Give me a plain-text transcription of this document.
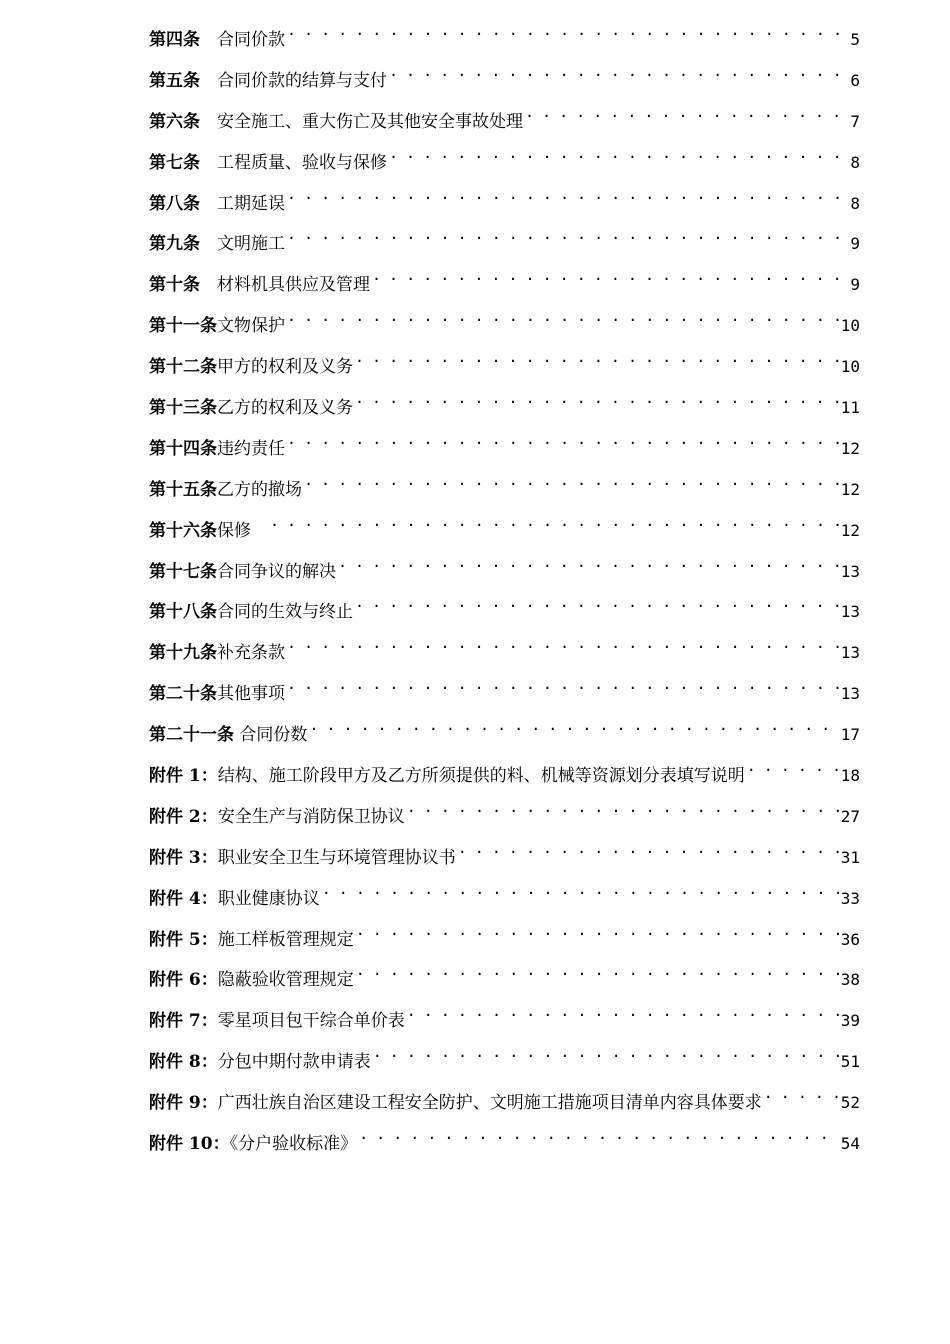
第四条　 合同价款 . . .	5
第五条　 合同价款的结算与支付 . . .	6
第六条　 安全施工、重大伤亡及其他安全事故处理 . . .	7
第七条　 工程质量、验收与保修 . . .	8
第八条　 工期延误 . . .	8
第九条　 文明施工 . . .	9
第十条　 材料机具供应及管理 . . .	9
第十一条文物保护 . . .	10
第十二条甲方的权利及义务 . . .	10
第十三条乙方的权利及义务 . . .	11
第十四条违约责任 . . .	12
第十五条乙方的撤场 . . .	12
第十六条保修　 . . .	12
第十七条合同争议的解决 . . .	13
第十八条合同的生效与终止 . . .	13
第十九条补充条款 . . .	13
第二十条其他事项 . . .	13
第二十一条 合同份数 . . .	17
附件 1：结构、施工阶段甲方及乙方所须提供的料、机械等资源划分表填写说明 . . .	18
附件 2：安全生产与消防保卫协议 . . .	27
附件 3：职业安全卫生与环境管理协议书 . . .	31
附件 4：职业健康协议 . . .	33
附件 5：施工样板管理规定 . . .	36
附件 6：隐蔽验收管理规定 . . .	38
附件 7：零星项目包干综合单价表 . . .	39
附件 8：分包中期付款申请表 . . .	51
附件 9：广西壮族自治区建设工程安全防护、文明施工措施项目清单内容具体要求 . . .	52
附件 10：《分户验收标准》 . . .	54
